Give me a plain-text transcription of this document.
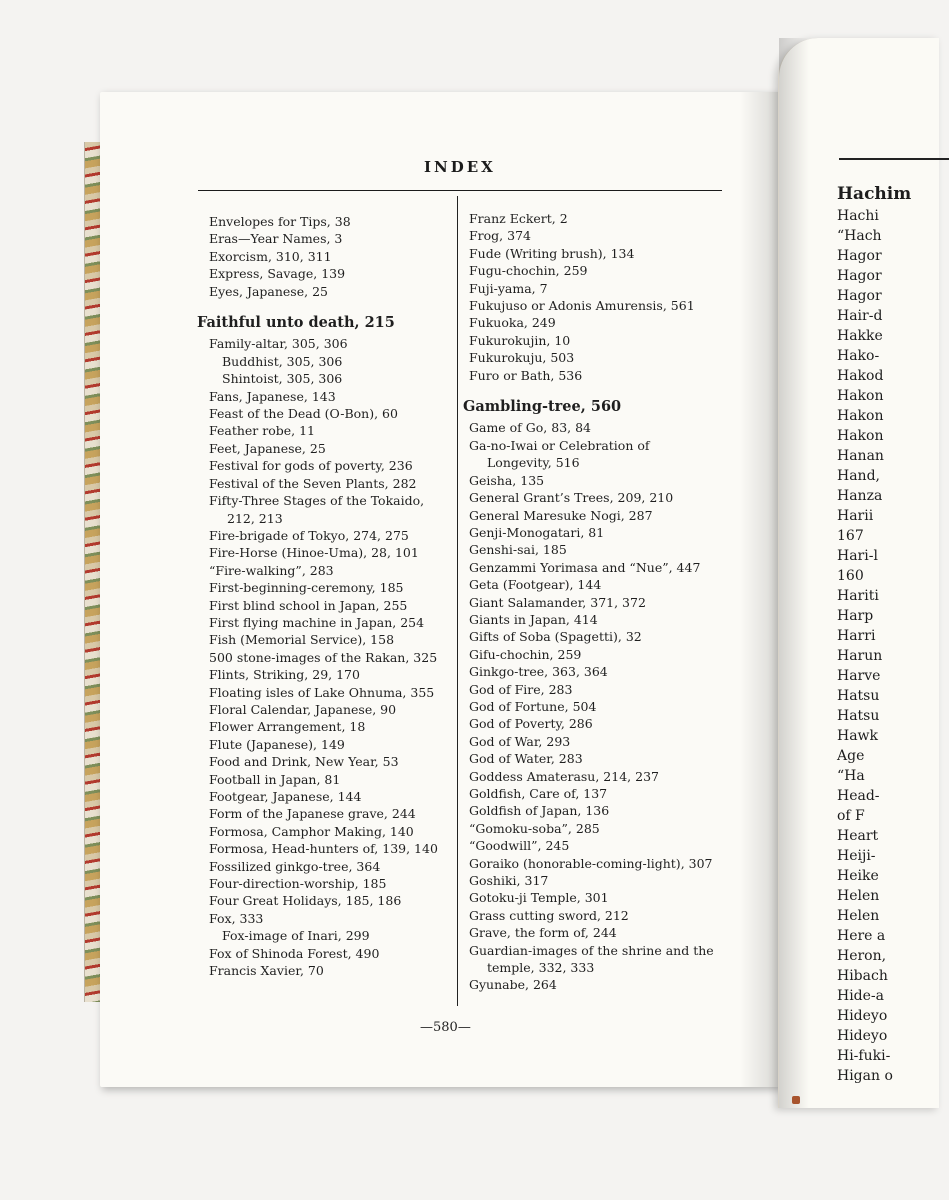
Hachim
Hachi
“Hach
Hagor
Hagor
Hagor
Hair-d
Hakke
Hako-
Hakod
Hakon
Hakon
Hakon
Hanan
Hand,
Hanza
Harii
167
Hari-l
160
Hariti
Harp
Harri
Harun
Harve
Hatsu
Hatsu
Hawk
Age
“Ha
Head-
of F
Heart
Heiji-
Heike
Helen
Helen
Here a
Heron,
Hibach
Hide-a
Hideyo
Hideyo
Hi-fuki-
Higan o
INDEX
Envelopes for Tips, 38
Eras—Year Names, 3
Exorcism, 310, 311
Express, Savage, 139
Eyes, Japanese, 25
Faithful unto death, 215
Family-altar, 305, 306
Buddhist, 305, 306
Shintoist, 305, 306
Fans, Japanese, 143
Feast of the Dead (O-Bon), 60
Feather robe, 11
Feet, Japanese, 25
Festival for gods of poverty, 236
Festival of the Seven Plants, 282
Fifty-Three Stages of the Tokaido, 212, 213
Fire-brigade of Tokyo, 274, 275
Fire-Horse (Hinoe-Uma), 28, 101
“Fire-walking”, 283
First-beginning-ceremony, 185
First blind school in Japan, 255
First flying machine in Japan, 254
Fish (Memorial Service), 158
500 stone-images of the Rakan, 325
Flints, Striking, 29, 170
Floating isles of Lake Ohnuma, 355
Floral Calendar, Japanese, 90
Flower Arrangement, 18
Flute (Japanese), 149
Food and Drink, New Year, 53
Football in Japan, 81
Footgear, Japanese, 144
Form of the Japanese grave, 244
Formosa, Camphor Making, 140
Formosa, Head-hunters of, 139, 140
Fossilized ginkgo-tree, 364
Four-direction-worship, 185
Four Great Holidays, 185, 186
Fox, 333
Fox-image of Inari, 299
Fox of Shinoda Forest, 490
Francis Xavier, 70
Franz Eckert, 2
Frog, 374
Fude (Writing brush), 134
Fugu-chochin, 259
Fuji-yama, 7
Fukujuso or Adonis Amurensis, 561
Fukuoka, 249
Fukurokujin, 10
Fukurokuju, 503
Furo or Bath, 536
Gambling-tree, 560
Game of Go, 83, 84
Ga-no-Iwai or Celebration of Longevity, 516
Geisha, 135
General Grant’s Trees, 209, 210
General Maresuke Nogi, 287
Genji-Monogatari, 81
Genshi-sai, 185
Genzammi Yorimasa and “Nue”, 447
Geta (Footgear), 144
Giant Salamander, 371, 372
Giants in Japan, 414
Gifts of Soba (Spagetti), 32
Gifu-chochin, 259
Ginkgo-tree, 363, 364
God of Fire, 283
God of Fortune, 504
God of Poverty, 286
God of War, 293
God of Water, 283
Goddess Amaterasu, 214, 237
Goldfish, Care of, 137
Goldfish of Japan, 136
“Gomoku-soba”, 285
“Goodwill”, 245
Goraiko (honorable-coming-light), 307
Goshiki, 317
Gotoku-ji Temple, 301
Grass cutting sword, 212
Grave, the form of, 244
Guardian-images of the shrine and the temple, 332, 333
Gyunabe, 264
—580—
